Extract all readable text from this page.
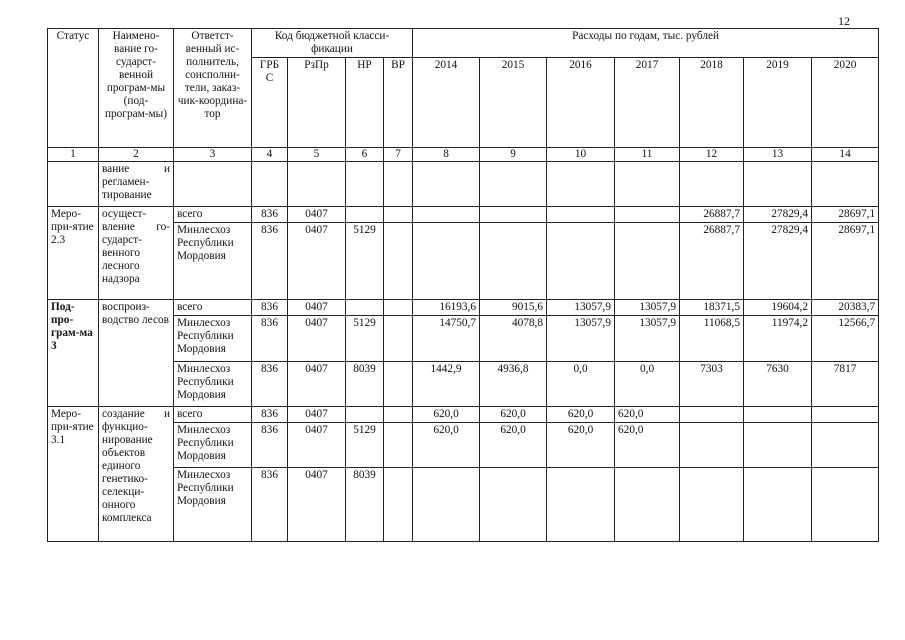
12
Статус	Наимено-вание го-сударст-венной програм-мы (под-програм-мы)	Ответст-венный ис-полнитель, соисполни-тели, заказ-чик-координа-тор	Код бюджетной класси-фикации				Расходы по годам, тыс. рублей						
			ГРБ С	РзПр	НР	ВР	2014	2015	2016	2017	2018	2019	2020
1	2	3	4	5	6	7	8	9	10	11	12	13	14
	вание и регламен-тирование												
Меро-при-ятие 2.3	осущест-вление го-сударст-венного лесного надзора	всего	836	0407							26887,7	27829,4	28697,1
		Минлесхоз Республики Мордовия	836	0407	5129						26887,7	27829,4	28697,1
Под-про-грам-ма 3	воспроиз-водство лесов	всего	836	0407			16193,6	9015,6	13057,9	13057,9	18371,5	19604,2	20383,7
		Минлесхоз Республики Мордовия	836	0407	5129		14750,7	4078,8	13057,9	13057,9	11068,5	11974,2	12566,7
		Минлесхоз Республики Мордовия	836	0407	8039		1442,9	4936,8	0,0	0,0	7303	7630	7817
Меро-при-ятие 3.1	создание и функцио-нирование объектов единого генетико-селекци-онного комплекса	всего	836	0407			620,0	620,0	620,0	620,0			
		Минлесхоз Республики Мордовия	836	0407	5129		620,0	620,0	620,0	620,0			
		Минлесхоз Республики Мордовия	836	0407	8039								
